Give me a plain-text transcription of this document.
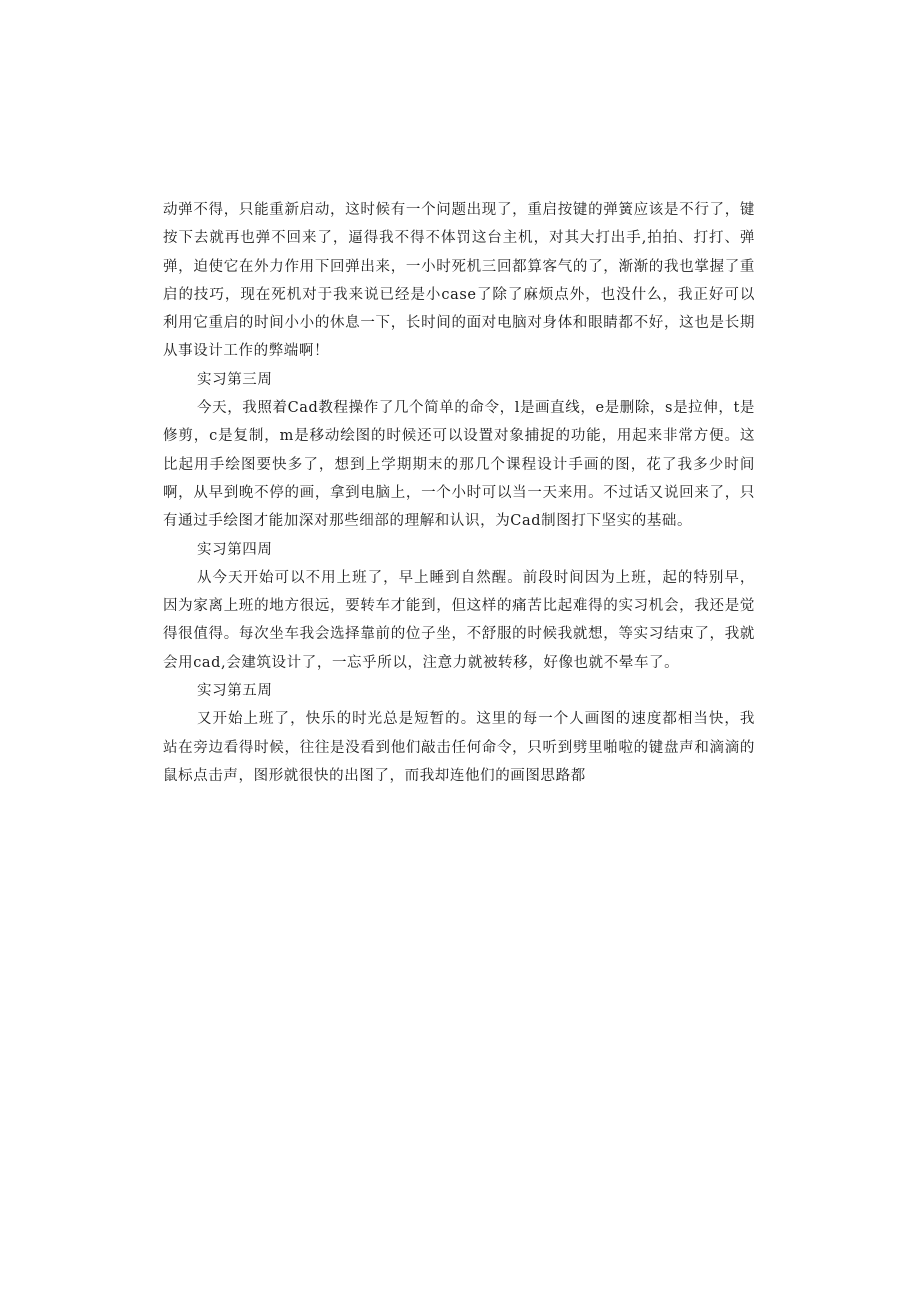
动弹不得，只能重新启动，这时候有一个问题出现了，重启按键的弹簧应该是不行了，键按下去就再也弹不回来了，逼得我不得不体罚这台主机，对其大打出手,拍拍、打打、弹弹，迫使它在外力作用下回弹出来，一小时死机三回都算客气的了，渐渐的我也掌握了重启的技巧，现在死机对于我来说已经是小case了除了麻烦点外，也没什么，我正好可以利用它重启的时间小小的休息一下，长时间的面对电脑对身体和眼睛都不好，这也是长期从事设计工作的弊端啊！

实习第三周

今天，我照着Cad教程操作了几个简单的命令，l是画直线，e是删除，s是拉伸，t是修剪，c是复制，m是移动绘图的时候还可以设置对象捕捉的功能，用起来非常方便。这比起用手绘图要快多了，想到上学期期末的那几个课程设计手画的图，花了我多少时间啊，从早到晚不停的画，拿到电脑上，一个小时可以当一天来用。不过话又说回来了，只有通过手绘图才能加深对那些细部的理解和认识，为Cad制图打下坚实的基础。

实习第四周

从今天开始可以不用上班了，早上睡到自然醒。前段时间因为上班，起的特别早，因为家离上班的地方很远，要转车才能到，但这样的痛苦比起难得的实习机会，我还是觉得很值得。每次坐车我会选择靠前的位子坐，不舒服的时候我就想，等实习结束了，我就会用cad,会建筑设计了，一忘乎所以，注意力就被转移，好像也就不晕车了。

实习第五周

又开始上班了，快乐的时光总是短暂的。这里的每一个人画图的速度都相当快，我站在旁边看得时候，往往是没看到他们敲击任何命令，只听到劈里啪啦的键盘声和滴滴的鼠标点击声，图形就很快的出图了，而我却连他们的画图思路都
